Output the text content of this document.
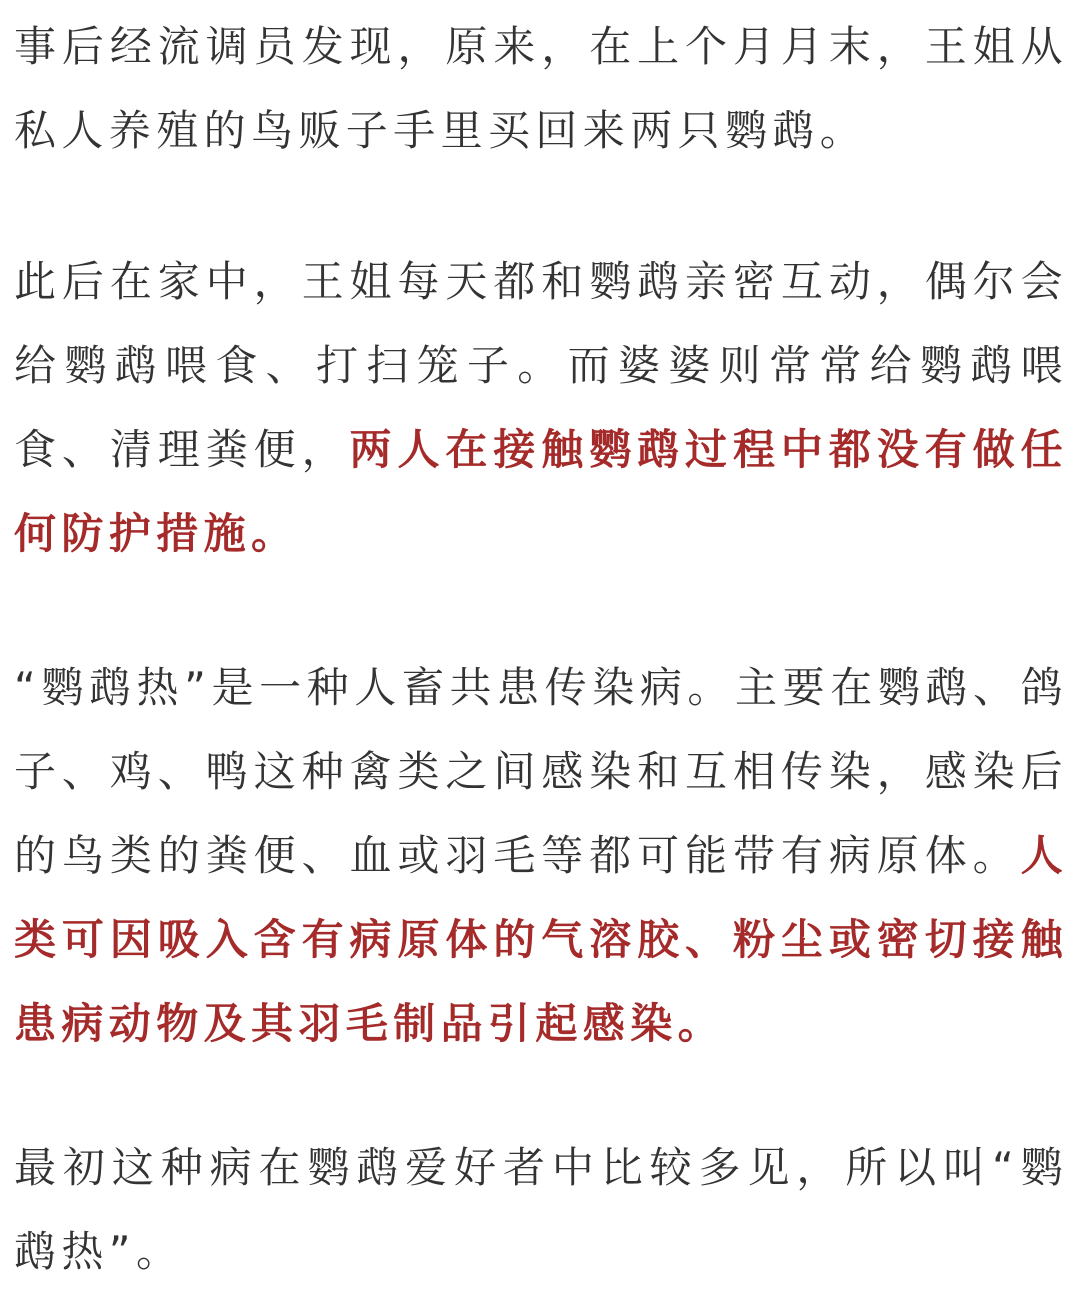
事后经流调员发现，原来，在上个月月末，王姐从私人养殖的鸟贩子手里买回来两只鹦鹉。

此后在家中，王姐每天都和鹦鹉亲密互动，偶尔会给鹦鹉喂食、打扫笼子。而婆婆则常常给鹦鹉喂食、清理粪便，两人在接触鹦鹉过程中都没有做任何防护措施。

“鹦鹉热”是一种人畜共患传染病。主要在鹦鹉、鸽子、鸡、鸭这种禽类之间感染和互相传染，感染后的鸟类的粪便、血或羽毛等都可能带有病原体。人类可因吸入含有病原体的气溶胶、粉尘或密切接触患病动物及其羽毛制品引起感染。

最初这种病在鹦鹉爱好者中比较多见，所以叫“鹦鹉热”。
